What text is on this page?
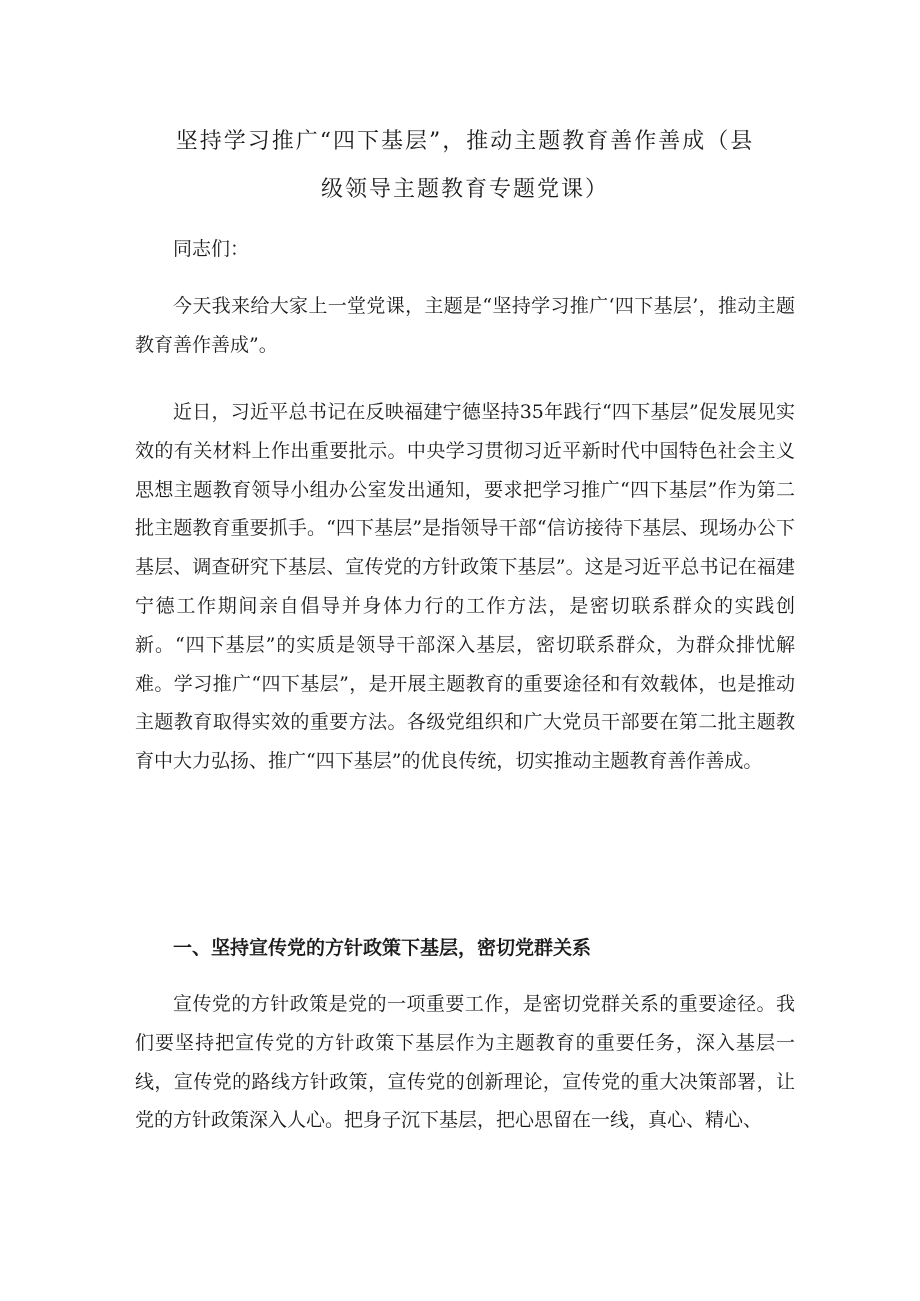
坚持学习推广“四下基层”，推动主题教育善作善成（县
级领导主题教育专题党课）

同志们：

今天我来给大家上一堂党课，主题是“坚持学习推广‘四下基层’，推动主题教育善作善成”。

近日，习近平总书记在反映福建宁德坚持35年践行“四下基层”促发展见实效的有关材料上作出重要批示。中央学习贯彻习近平新时代中国特色社会主义思想主题教育领导小组办公室发出通知，要求把学习推广“四下基层”作为第二批主题教育重要抓手。“四下基层”是指领导干部“信访接待下基层、现场办公下基层、调查研究下基层、宣传党的方针政策下基层”。这是习近平总书记在福建宁德工作期间亲自倡导并身体力行的工作方法，是密切联系群众的实践创新。“四下基层”的实质是领导干部深入基层，密切联系群众，为群众排忧解难。学习推广“四下基层”，是开展主题教育的重要途径和有效载体，也是推动主题教育取得实效的重要方法。各级党组织和广大党员干部要在第二批主题教育中大力弘扬、推广“四下基层”的优良传统，切实推动主题教育善作善成。

一、坚持宣传党的方针政策下基层，密切党群关系

宣传党的方针政策是党的一项重要工作，是密切党群关系的重要途径。我们要坚持把宣传党的方针政策下基层作为主题教育的重要任务，深入基层一线，宣传党的路线方针政策，宣传党的创新理论，宣传党的重大决策部署，让党的方针政策深入人心。把身子沉下基层，把心思留在一线，真心、精心、
